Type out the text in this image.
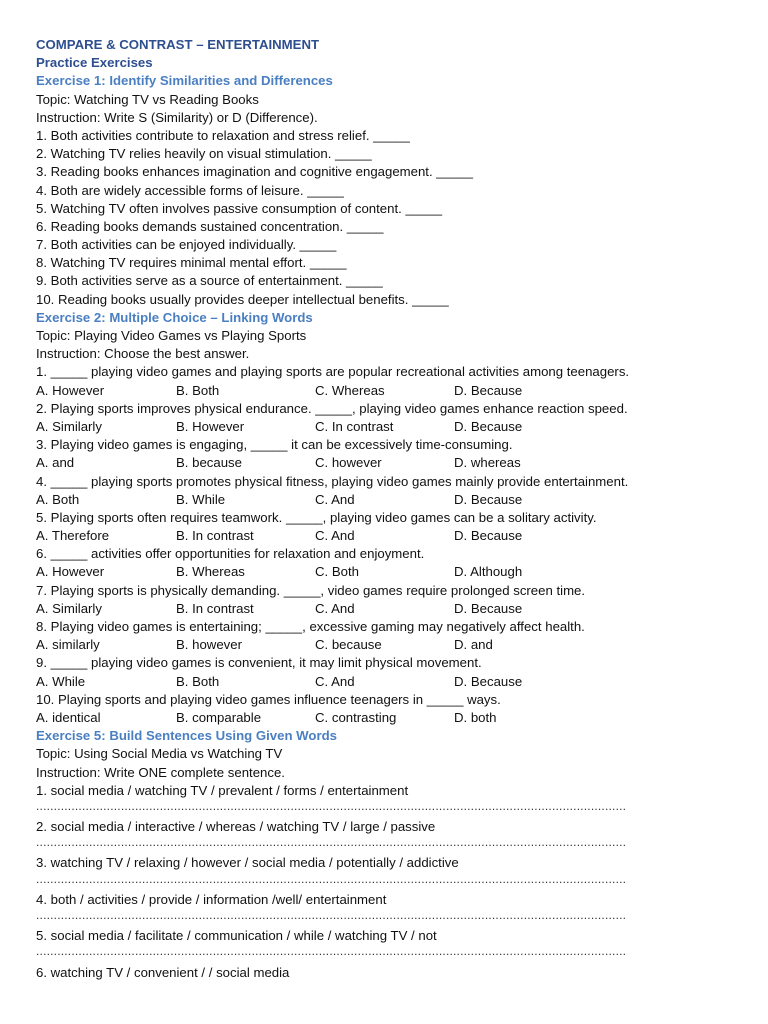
COMPARE & CONTRAST – ENTERTAINMENT
Practice Exercises
Exercise 1: Identify Similarities and Differences
Topic: Watching TV vs Reading Books
Instruction: Write S (Similarity) or D (Difference).
1. Both activities contribute to relaxation and stress relief. _____
2. Watching TV relies heavily on visual stimulation. _____
3. Reading books enhances imagination and cognitive engagement. _____
4. Both are widely accessible forms of leisure. _____
5. Watching TV often involves passive consumption of content. _____
6. Reading books demands sustained concentration. _____
7. Both activities can be enjoyed individually. _____
8. Watching TV requires minimal mental effort. _____
9. Both activities serve as a source of entertainment. _____
10. Reading books usually provides deeper intellectual benefits. _____
Exercise 2: Multiple Choice – Linking Words
Topic: Playing Video Games vs Playing Sports
Instruction: Choose the best answer.
1. _____ playing video games and playing sports are popular recreational activities among teenagers.
A. However	B. Both	C. Whereas	D. Because
2. Playing sports improves physical endurance. _____, playing video games enhance reaction speed.
A. Similarly	B. However	C. In contrast	D. Because
3. Playing video games is engaging, _____ it can be excessively time-consuming.
A. and	B. because	C. however	D. whereas
4. _____ playing sports promotes physical fitness, playing video games mainly provide entertainment.
A. Both	B. While	C. And	D. Because
5. Playing sports often requires teamwork. _____, playing video games can be a solitary activity.
A. Therefore	B. In contrast	C. And	D. Because
6. _____ activities offer opportunities for relaxation and enjoyment.
A. However	B. Whereas	C. Both	D. Although
7. Playing sports is physically demanding. _____, video games require prolonged screen time.
A. Similarly	B. In contrast	C. And	D. Because
8. Playing video games is entertaining; _____, excessive gaming may negatively affect health.
A. similarly	B. however	C. because	D. and
9. _____ playing video games is convenient, it may limit physical movement.
A. While	B. Both	C. And	D. Because
10. Playing sports and playing video games influence teenagers in _____ ways.
A. identical	B. comparable	C. contrasting	D. both
Exercise 5: Build Sentences Using Given Words
Topic: Using Social Media vs Watching TV
Instruction: Write ONE complete sentence.
1. social media / watching TV / prevalent / forms / entertainment
.......................................................................................................................................................................
2. social media / interactive / whereas / watching TV / large / passive
.......................................................................................................................................................................
3. watching TV / relaxing / however / social media / potentially / addictive
.......................................................................................................................................................................
4. both / activities / provide / information /well/ entertainment
.......................................................................................................................................................................
5. social media / facilitate / communication / while / watching TV / not
.......................................................................................................................................................................
6. watching TV / convenient / / social media
